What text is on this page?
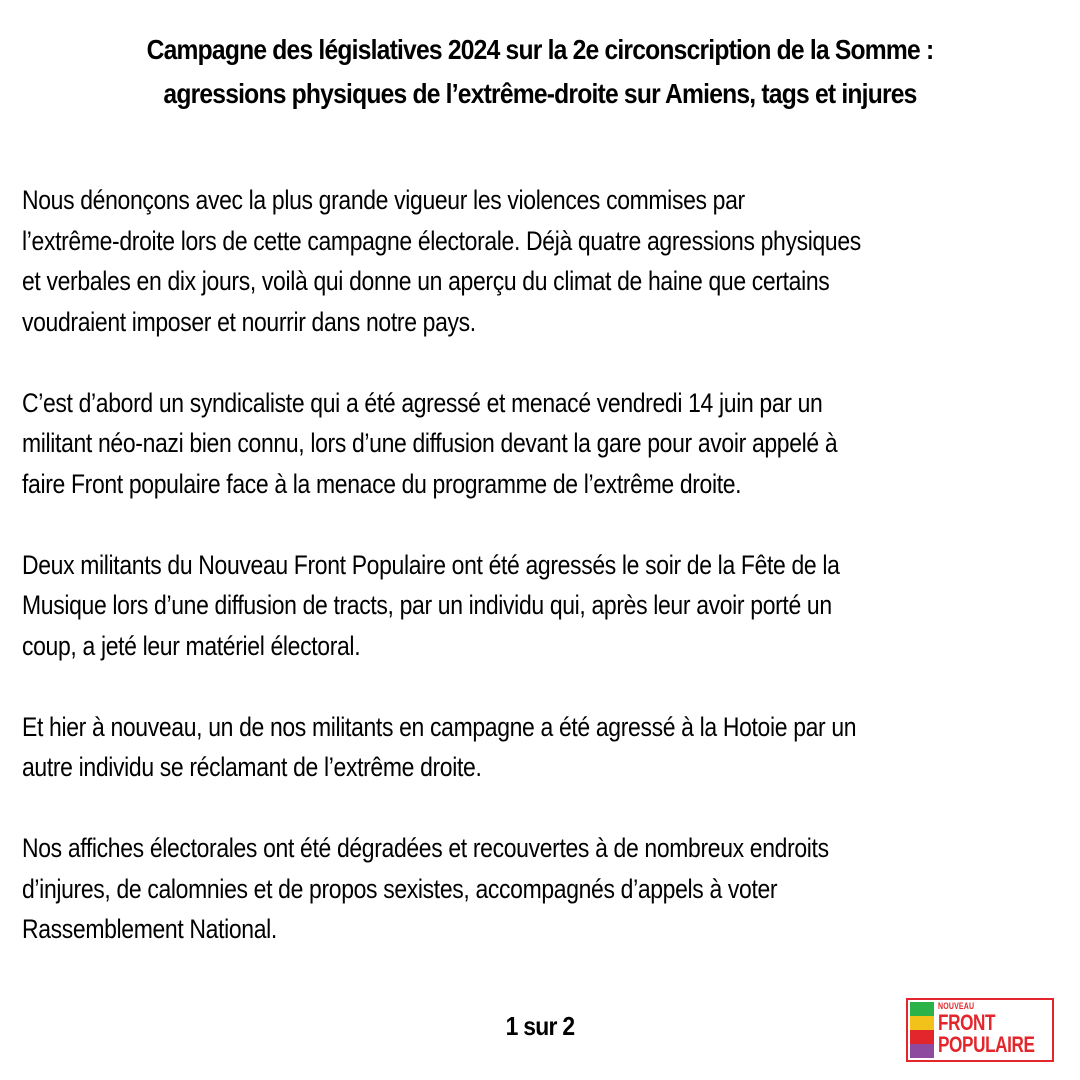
Campagne des législatives 2024 sur la 2e circonscription de la Somme :
agressions physiques de l’extrême-droite sur Amiens, tags et injures

Nous dénonçons avec la plus grande vigueur les violences commises par
l’extrême-droite lors de cette campagne électorale. Déjà quatre agressions physiques
et verbales en dix jours, voilà qui donne un aperçu du climat de haine que certains
voudraient imposer et nourrir dans notre pays.

C’est d’abord un syndicaliste qui a été agressé et menacé vendredi 14 juin par un
militant néo-nazi bien connu, lors d’une diffusion devant la gare pour avoir appelé à
faire Front populaire face à la menace du programme de l’extrême droite.

Deux militants du Nouveau Front Populaire ont été agressés le soir de la Fête de la
Musique lors d’une diffusion de tracts, par un individu qui, après leur avoir porté un
coup, a jeté leur matériel électoral.

Et hier à nouveau, un de nos militants en campagne a été agressé à la Hotoie par un
autre individu se réclamant de l’extrême droite.

Nos affiches électorales ont été dégradées et recouvertes à de nombreux endroits
d’injures, de calomnies et de propos sexistes, accompagnés d’appels à voter
Rassemblement National.

1 sur 2
NOUVEAU
FRONT
POPULAIRE
